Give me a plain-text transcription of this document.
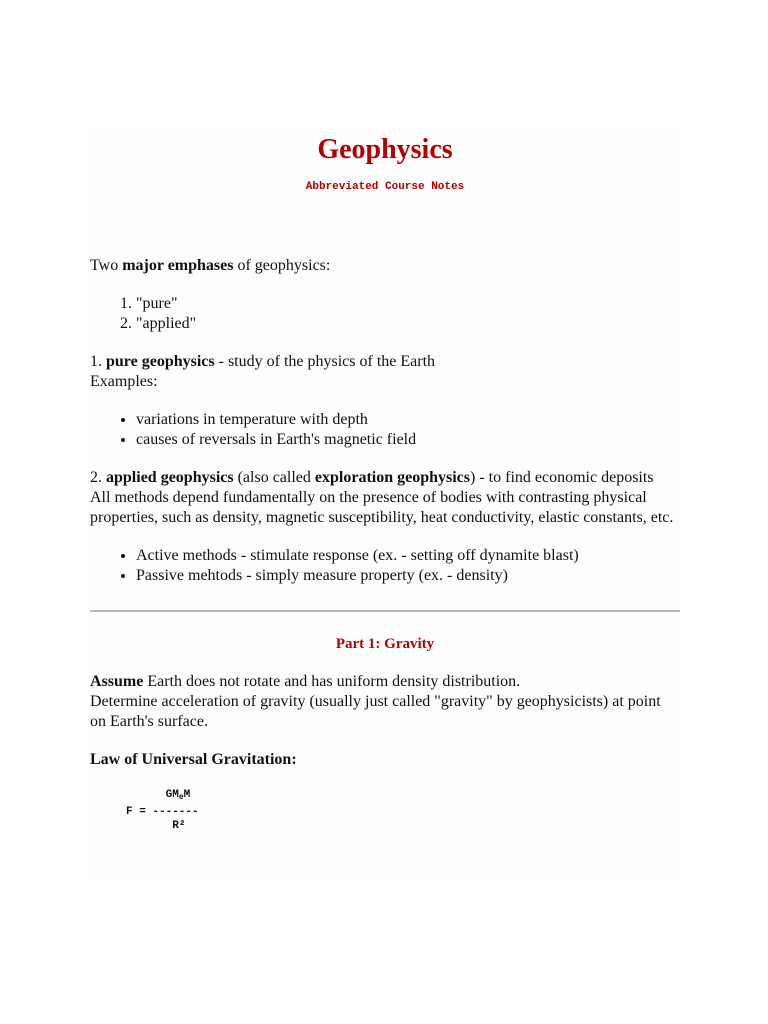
Geophysics
Abbreviated Course Notes

Two major emphases of geophysics:

1. "pure"
2. "applied"

1. pure geophysics - study of the physics of the Earth
Examples:

• variations in temperature with depth
• causes of reversals in Earth's magnetic field

2. applied geophysics (also called exploration geophysics) - to find economic deposits
All methods depend fundamentally on the presence of bodies with contrasting physical properties, such as density, magnetic susceptibility, heat conductivity, elastic constants, etc.

• Active methods - stimulate response (ex. - setting off dynamite blast)
• Passive mehtods - simply measure property (ex. - density)
Part 1: Gravity

Assume Earth does not rotate and has uniform density distribution.
Determine acceleration of gravity (usually just called "gravity" by geophysicists) at point on Earth's surface.

Law of Universal Gravitation:

$GM_eM$
F = -------
R²
